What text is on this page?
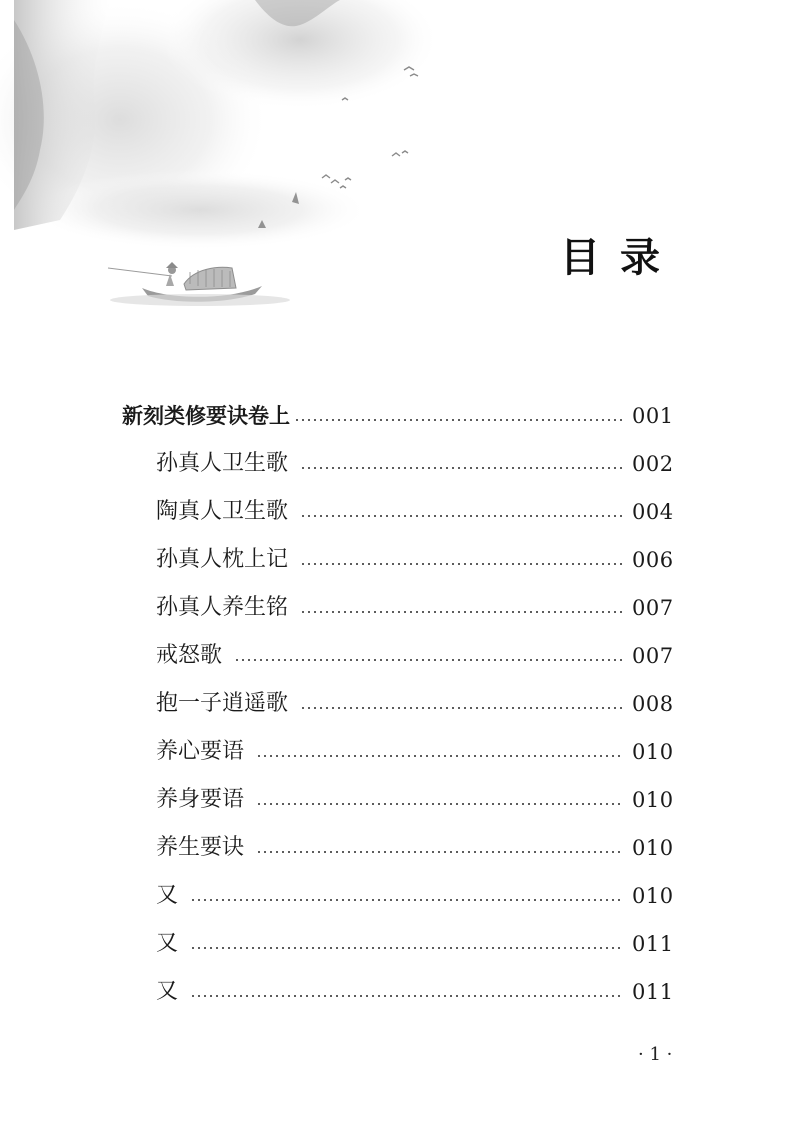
目录
新刻类修要诀卷上	001
孙真人卫生歌	002
陶真人卫生歌	004
孙真人枕上记	006
孙真人养生铭	007
戒怒歌	007
抱一子逍遥歌	008
养心要语	010
养身要语	010
养生要诀	010
又	010
又	011
又	011
· 1 ·
